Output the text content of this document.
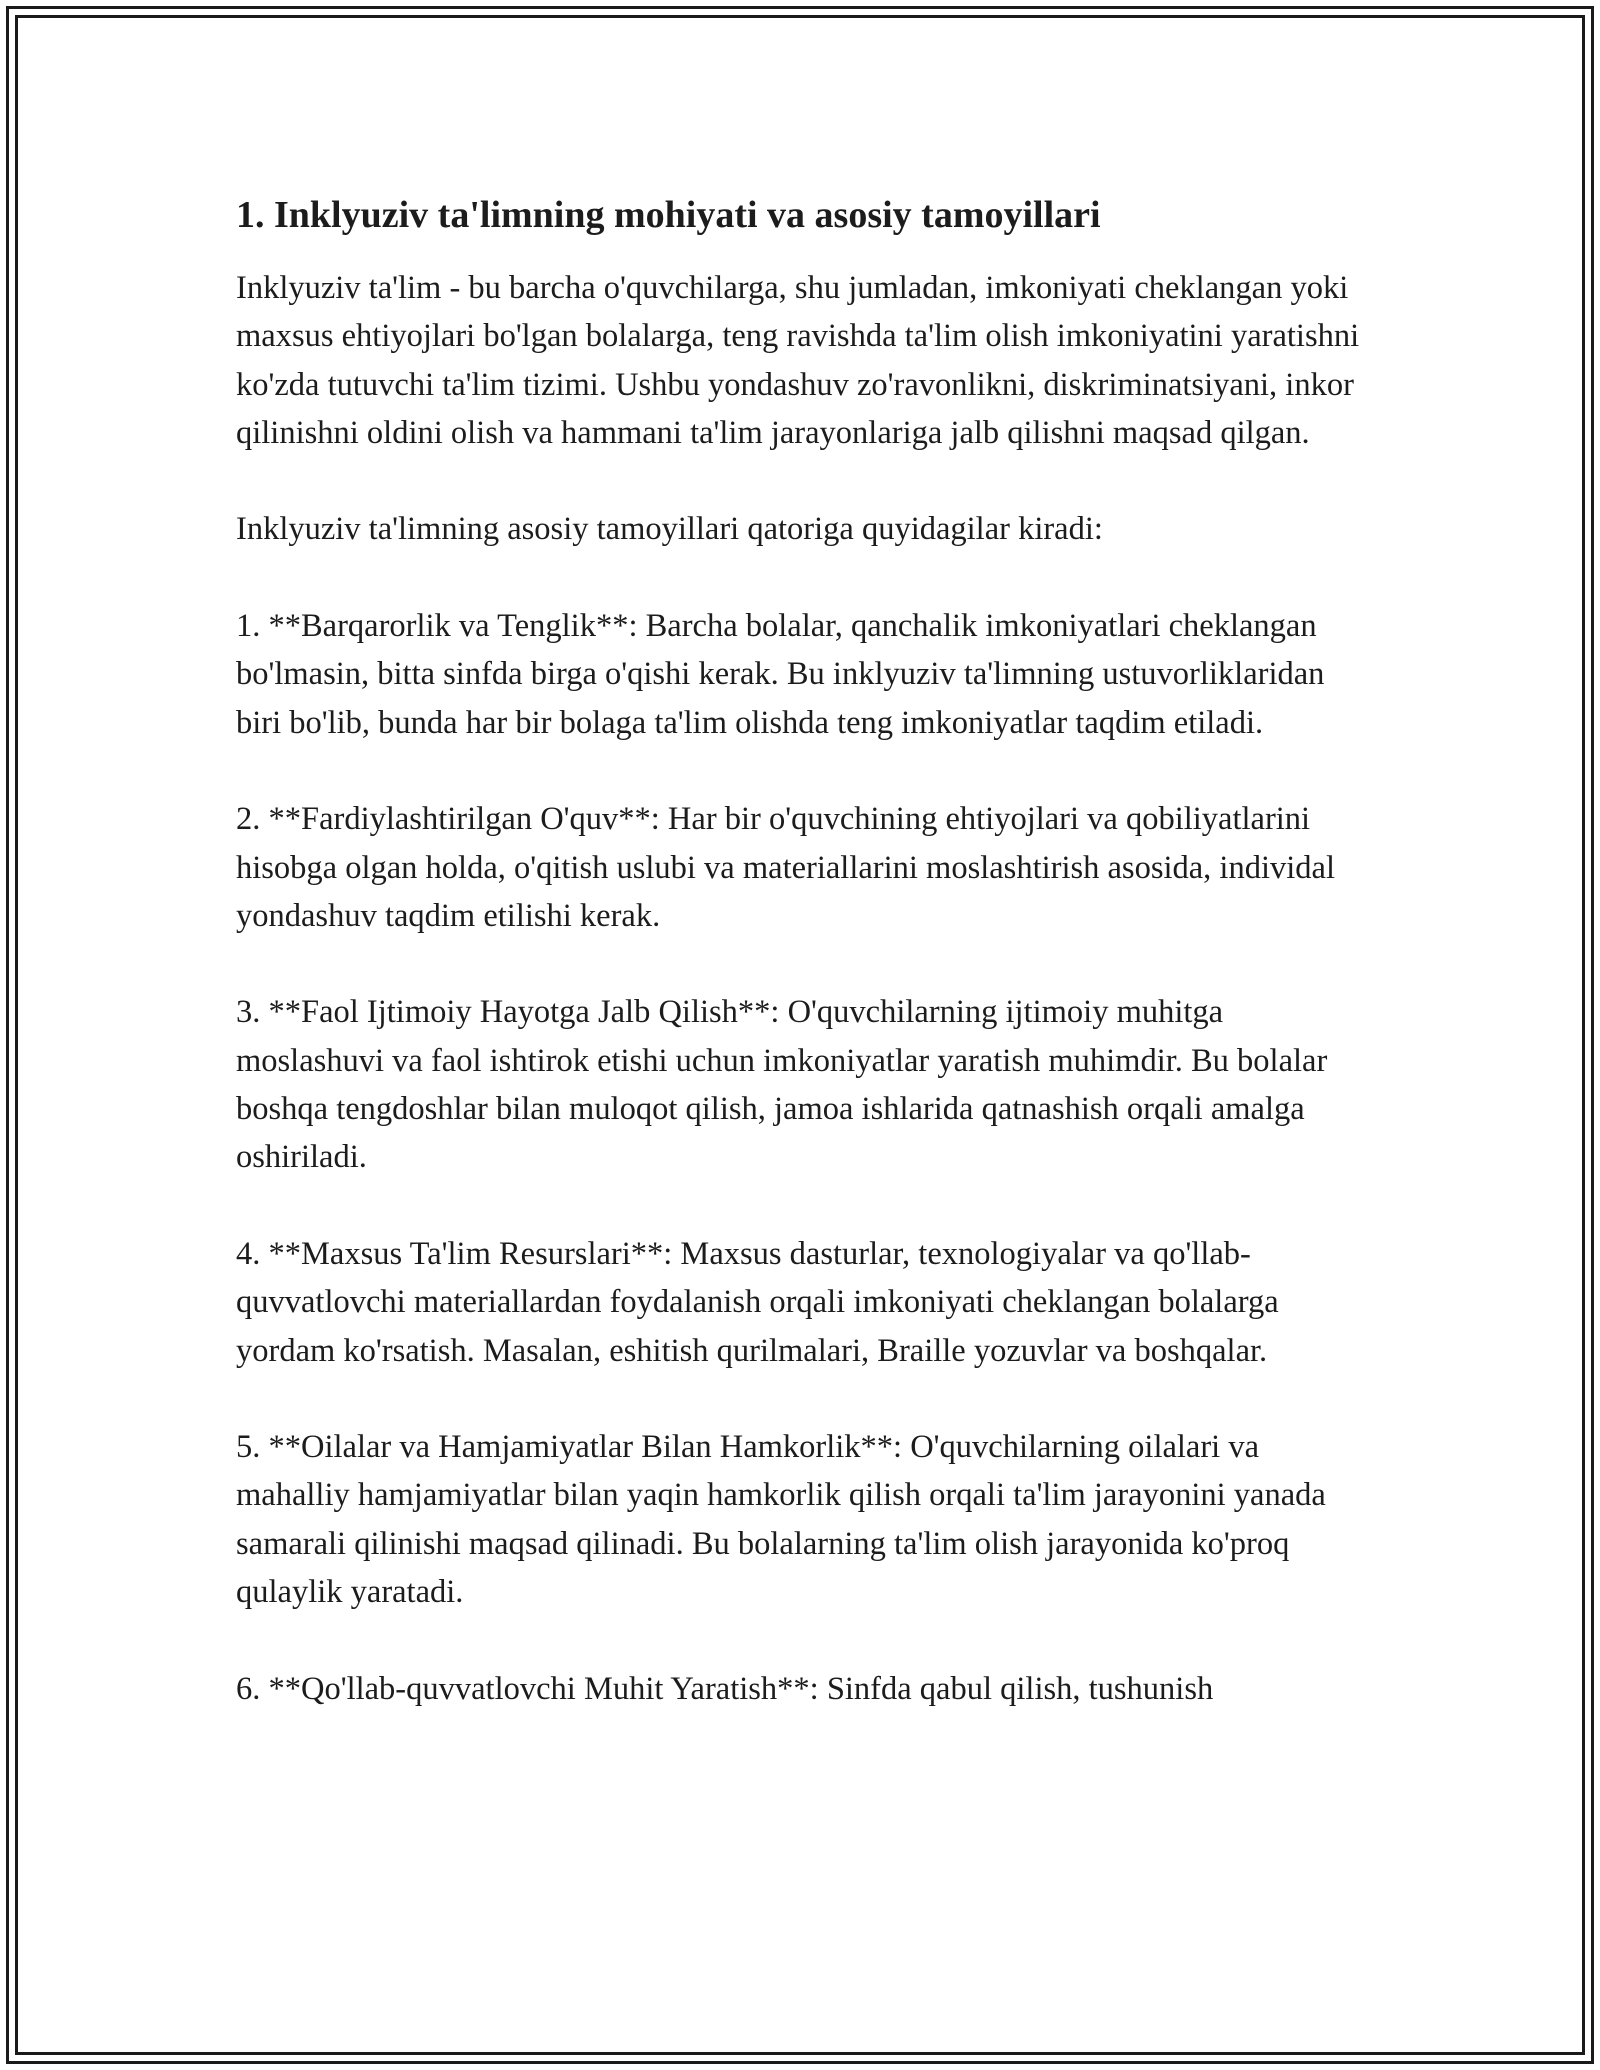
1. Inklyuziv ta'limning mohiyati va asosiy tamoyillari

Inklyuziv ta'lim - bu barcha o'quvchilarga, shu jumladan, imkoniyati cheklangan yoki maxsus ehtiyojlari bo'lgan bolalarga, teng ravishda ta'lim olish imkoniyatini yaratishni ko'zda tutuvchi ta'lim tizimi. Ushbu yondashuv zo'ravonlikni, diskriminatsiyani, inkor qilinishni oldini olish va hammani ta'lim jarayonlariga jalb qilishni maqsad qilgan.

Inklyuziv ta'limning asosiy tamoyillari qatoriga quyidagilar kiradi:

1. **Barqarorlik va Tenglik**: Barcha bolalar, qanchalik imkoniyatlari cheklangan bo'lmasin, bitta sinfda birga o'qishi kerak. Bu inklyuziv ta'limning ustuvorliklaridan biri bo'lib, bunda har bir bolaga ta'lim olishda teng imkoniyatlar taqdim etiladi.

2. **Fardiylashtirilgan O'quv**: Har bir o'quvchining ehtiyojlari va qobiliyatlarini hisobga olgan holda, o'qitish uslubi va materiallarini moslashtirish asosida, individal yondashuv taqdim etilishi kerak.

3. **Faol Ijtimoiy Hayotga Jalb Qilish**: O'quvchilarning ijtimoiy muhitga moslashuvi va faol ishtirok etishi uchun imkoniyatlar yaratish muhimdir. Bu bolalar boshqa tengdoshlar bilan muloqot qilish, jamoa ishlarida qatnashish orqali amalga oshiriladi.

4. **Maxsus Ta'lim Resurslari**: Maxsus dasturlar, texnologiyalar va qo'llab-quvvatlovchi materiallardan foydalanish orqali imkoniyati cheklangan bolalarga yordam ko'rsatish. Masalan, eshitish qurilmalari, Braille yozuvlar va boshqalar.

5. **Oilalar va Hamjamiyatlar Bilan Hamkorlik**: O'quvchilarning oilalari va mahalliy hamjamiyatlar bilan yaqin hamkorlik qilish orqali ta'lim jarayonini yanada samarali qilinishi maqsad qilinadi. Bu bolalarning ta'lim olish jarayonida ko'proq qulaylik yaratadi.

6. **Qo'llab-quvvatlovchi Muhit Yaratish**: Sinfda qabul qilish, tushunish
